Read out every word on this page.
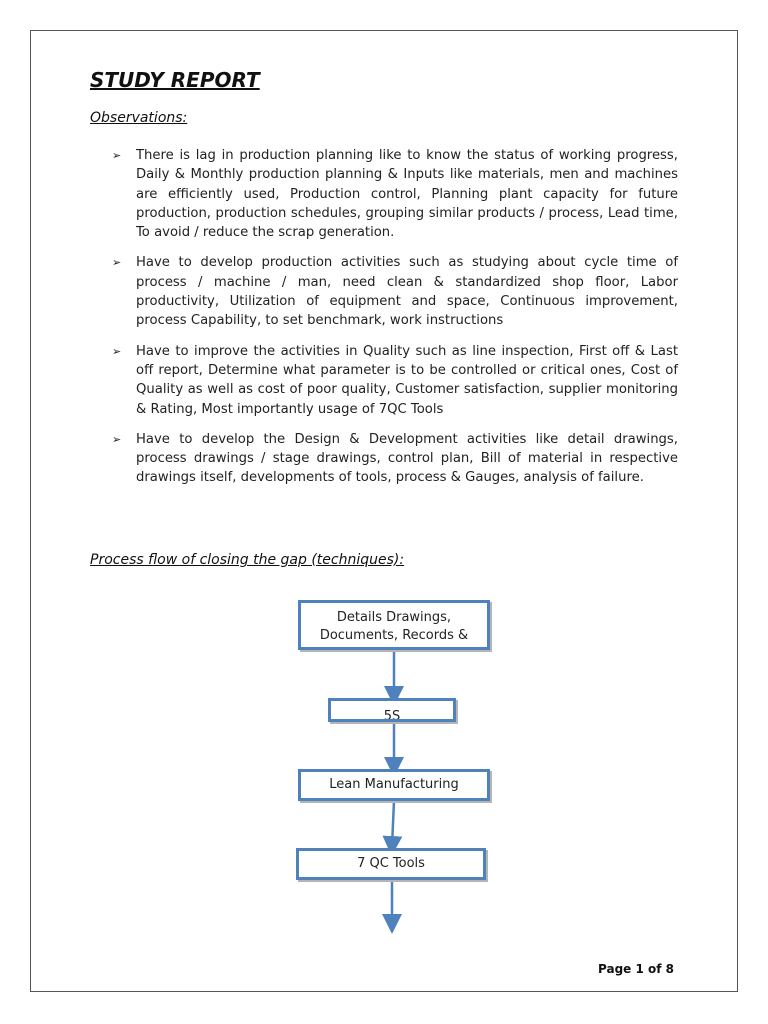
STUDY REPORT
Observations:
➢ There is lag in production planning like to know the status of working progress, Daily & Monthly production planning & Inputs like materials, men and machines are efficiently used, Production control, Planning plant capacity for future production, production schedules, grouping similar products / process, Lead time, To avoid / reduce the scrap generation.
➢ Have to develop production activities such as studying about cycle time of process / machine / man, need clean & standardized shop floor, Labor productivity, Utilization of equipment and space, Continuous improvement, process Capability, to set benchmark, work instructions
➢ Have to improve the activities in Quality such as line inspection, First off & Last off report, Determine what parameter is to be controlled or critical ones, Cost of Quality as well as cost of poor quality, Customer satisfaction, supplier monitoring & Rating, Most importantly usage of 7QC Tools
➢ Have to develop the Design & Development activities like detail drawings, process drawings / stage drawings, control plan, Bill of material in respective drawings itself, developments of tools, process & Gauges, analysis of failure.
Process flow of closing the gap (techniques):
Details Drawings,
Documents, Records &
5S
Lean Manufacturing
7 QC Tools
Page 1 of 8
